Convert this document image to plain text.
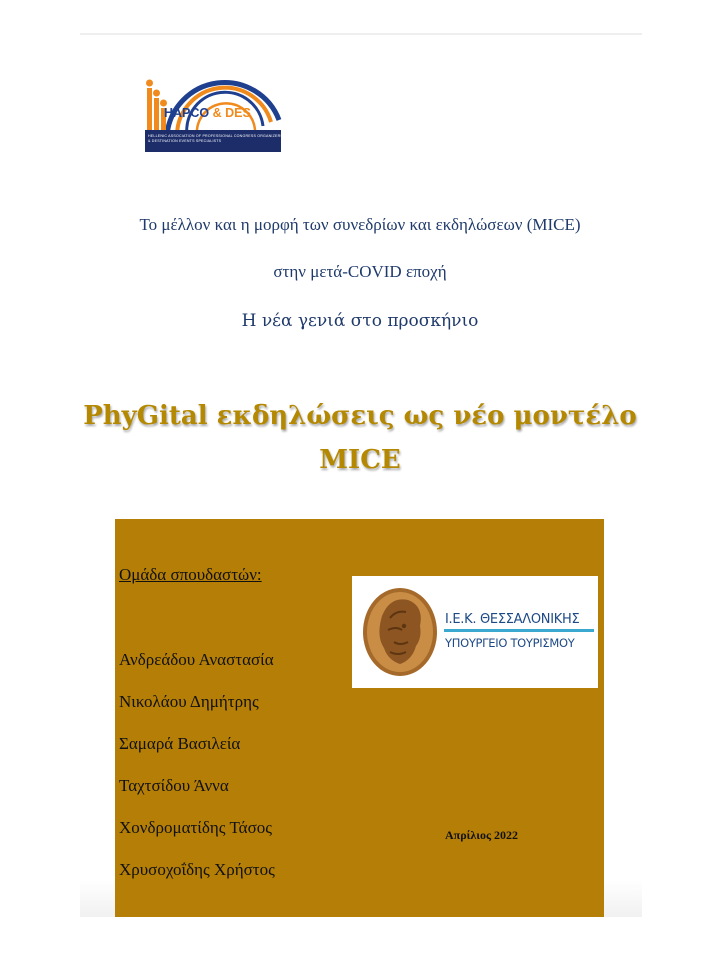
HAPCO & DES
HELLENIC ASSOCIATION OF PROFESSIONAL CONGRESS ORGANIZERS
& DESTINATION EVENTS SPECIALISTS
Το μέλλον και η μορφή των συνεδρίων και εκδηλώσεων (MICE)
στην μετά-COVID εποχή
Η νέα γενιά στο προσκήνιο
PhyGital εκδηλώσεις ως νέο μοντέλο
MICE
Ομάδα σπουδαστών:
Ανδρεάδου Αναστασία
Νικολάου Δημήτρης
Σαμαρά Βασιλεία
Ταχτσίδου Άννα
Χονδροματίδης Τάσος
Χρυσοχοΐδης Χρήστος
Ι.Ε.Κ. ΘΕΣΣΑΛΟΝΙΚΗΣ
ΥΠΟΥΡΓΕΙΟ ΤΟΥΡΙΣΜΟΥ
Απρίλιος 2022
